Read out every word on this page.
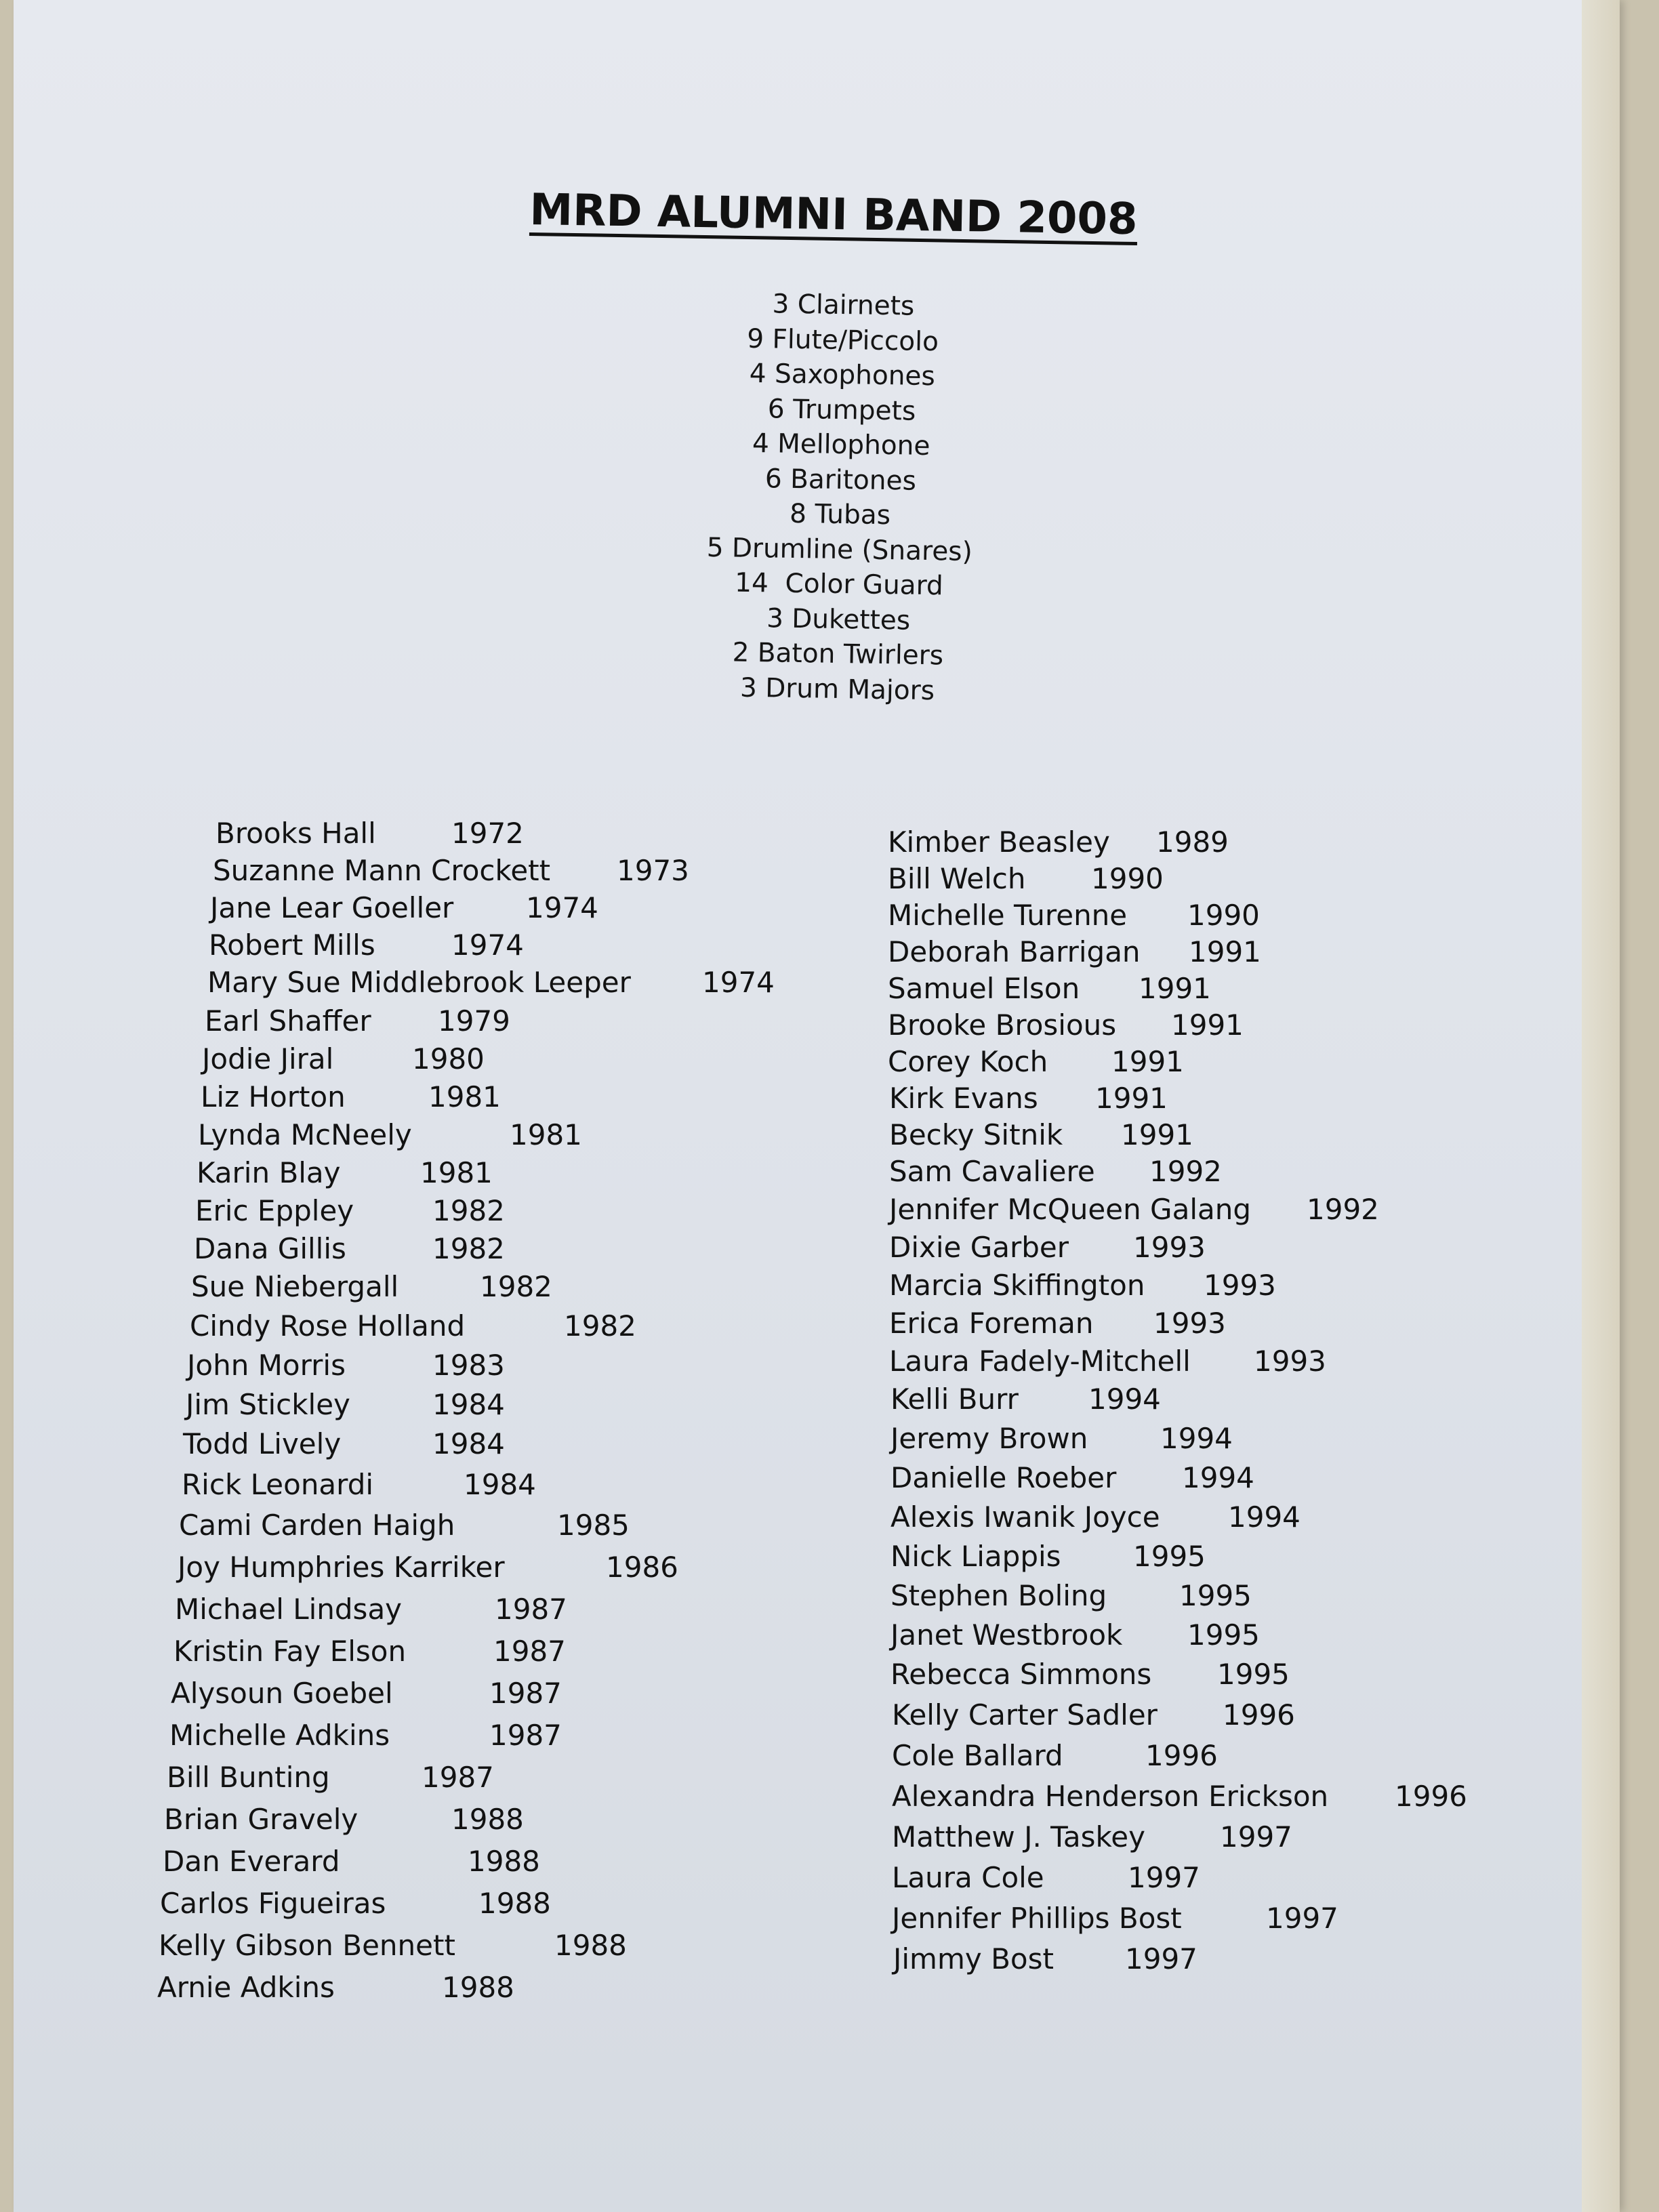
MRD ALUMNI BAND 2008
3 Clairnets
9 Flute/Piccolo
4 Saxophones
6 Trumpets
4 Mellophone
6 Baritones
8 Tubas
5 Drumline (Snares)
14  Color Guard
3 Dukettes
2 Baton Twirlers
3 Drum Majors
Brooks Hall	1972
Suzanne Mann Crockett 1973
Jane Lear Goeller	1974
Robert Mills	1974
Mary Sue Middlebrook Leeper	1974
Earl Shaffer 1979
Jodie Jiral	1980
Liz Horton	1981
Lynda McNeely	1981
Karin Blay	1981
Eric Eppley	1982
Dana Gillis	1982
Sue Niebergall	1982
Cindy Rose Holland	1982
John Morris	1983
Jim Stickley	1984
Todd Lively	1984
Rick Leonardi	1984
Cami Carden Haigh	1985
Joy Humphries Karriker	1986
Michael Lindsay	1987
Kristin Fay Elson	1987
Alysoun Goebel	1987
Michelle Adkins	1987
Bill Bunting	1987
Brian Gravely	1988
Dan Everard	1988
Carlos Figueiras	1988
Kelly Gibson Bennett	1988
Arnie Adkins	1988
Kimber Beasley 1989
Bill Welch 1990
Michelle Turenne 1990
Deborah Barrigan 1991
Samuel Elson 1991
Brooke Brosious 1991
Corey Koch 1991
Kirk Evans 1991
Becky Sitnik 1991
Sam Cavaliere 1992
Jennifer McQueen Galang 1992
Dixie Garber 1993
Marcia Skiffington 1993
Erica Foreman 1993
Laura Fadely-Mitchell 1993
Kelli Burr 1994
Jeremy Brown	1994
Danielle Roeber 1994
Alexis Iwanik Joyce 1994
Nick Liappis	1995
Stephen Boling	1995
Janet Westbrook 1995
Rebecca Simmons 1995
Kelly Carter Sadler 1996
Cole Ballard	1996
Alexandra Henderson Erickson 1996
Matthew J. Taskey	1997
Laura Cole	1997
Jennifer Phillips Bost	1997
Jimmy Bost	1997
